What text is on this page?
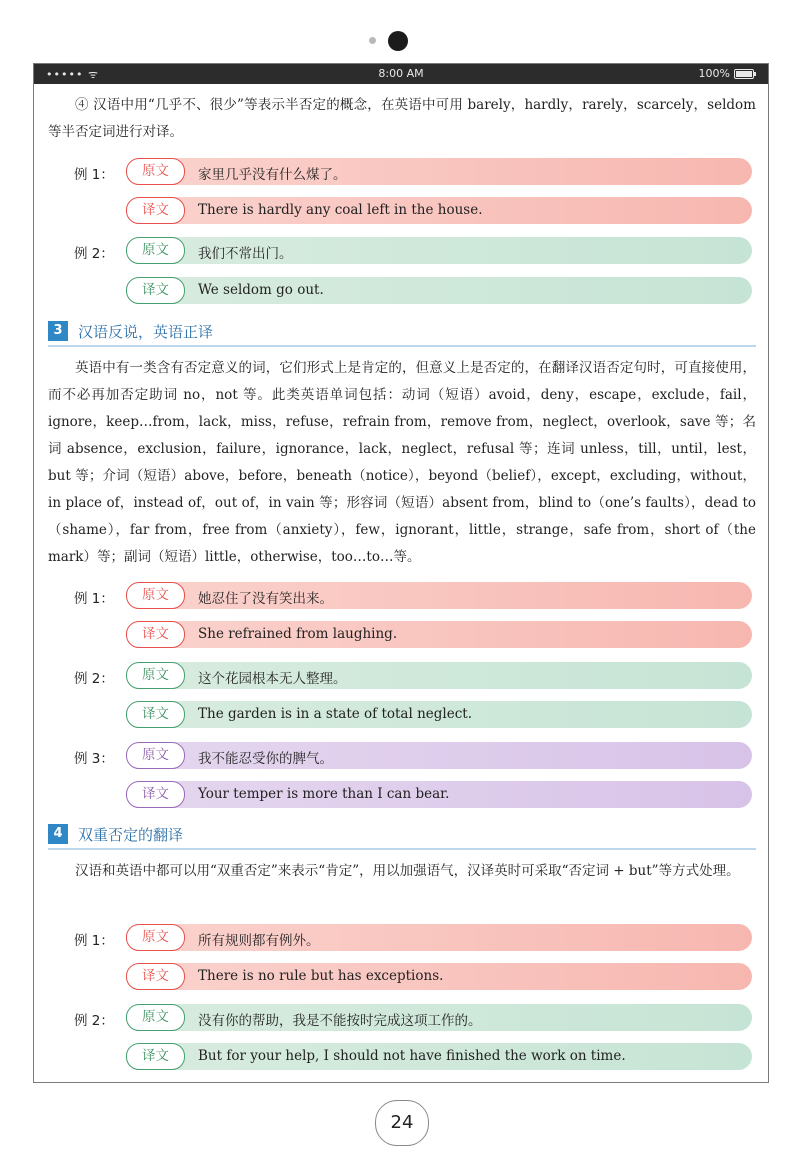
••••• ᯤ	8:00 AM	100%
④ 汉语中用“几乎不、很少”等表示半否定的概念，在英语中可用 barely，hardly，rarely，scarcely，seldom 等半否定词进行对译。
例 1：	原文	家里几乎没有什么煤了。
译文	There is hardly any coal left in the house.
例 2：	原文	我们不常出门。
译文	We seldom go out.
3	汉语反说，英语正译
英语中有一类含有否定意义的词，它们形式上是肯定的，但意义上是否定的，在翻译汉语否定句时，可直接使用，而不必再加否定助词 no，not 等。此类英语单词包括：动词（短语）avoid，deny，escape，exclude，fail，ignore，keep…from，lack，miss，refuse，refrain from，remove from，neglect，overlook，save 等；名词 absence，exclusion，failure，ignorance，lack，neglect，refusal 等；连词 unless，till，until，lest，but 等；介词（短语）above，before，beneath（notice），beyond（belief），except，excluding，without，in place of，instead of，out of，in vain 等；形容词（短语）absent from，blind to（one’s faults），dead to（shame），far from，free from（anxiety），few，ignorant，little，strange，safe from，short of（the mark）等；副词（短语）little，otherwise，too…to…等。
例 1：	原文	她忍住了没有笑出来。
译文	She refrained from laughing.
例 2：	原文	这个花园根本无人整理。
译文	The garden is in a state of total neglect.
例 3：	原文	我不能忍受你的脾气。
译文	Your temper is more than I can bear.
4	双重否定的翻译
汉语和英语中都可以用“双重否定”来表示“肯定”，用以加强语气，汉译英时可采取“否定词 + but”等方式处理。
例 1：	原文	所有规则都有例外。
译文	There is no rule but has exceptions.
例 2：	原文	没有你的帮助，我是不能按时完成这项工作的。
译文	But for your help, I should not have finished the work on time.
24
